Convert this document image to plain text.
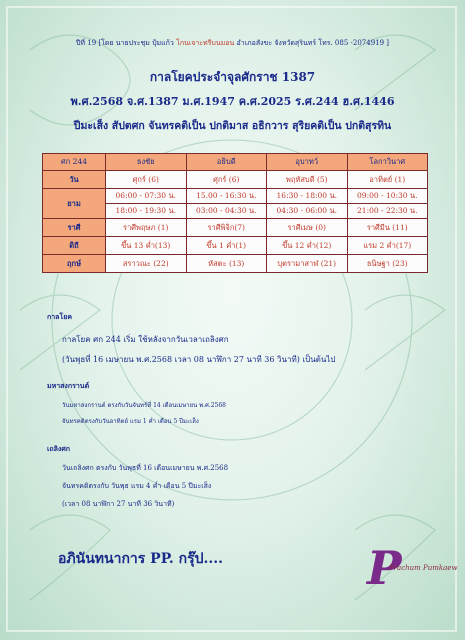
ปีที่ 19 [โดย นายประชุม ปุ้มแก้ว โกนเจาะทรีบนมอน อำเภอสังขะ จังหวัดสุรินทร์ โทร. 085 -2074919 ]
กาลโยคประจำจุลศักราช 1387
พ.ศ.2568 จ.ศ.1387 ม.ศ.1947 ค.ศ.2025 ร.ศ.244 ฮ.ศ.1446
ปีมะเส็ง สัปตศก จันทรคติเป็น ปกติมาส อธิกวาร สุริยคติเป็น ปกติสุรทิน
ศก 244	ธงชัย	อธิบดี	อุบาทว์	โลกาวินาศ
วัน	ศุกร์ (6)	ศุกร์ (6)	พฤหัสบดี (5)	อาทิตย์ (1)
ยาม	06:00 - 07:30 น.	15.00 - 16:30 น.	16:30 - 18:00 น.	09:00 - 10:30 น.
	18:00 - 19:30 น.	03:00 - 04:30 น.	04:30 - 06:00 น.	21:00 - 22:30 น.
ราศี	ราศีพฤษภ (1)	ราศีพิจิก(7)	ราศีเมษ (0)	ราศีมีน (11)
ดิถี	ขึ้น 13 ค่ำ(13)	ขึ้น 1 ค่ำ(1)	ขึ้น 12 ค่ำ(12)	แรม 2 ค่ำ(17)
ฤกษ์	สราวณะ (22)	หัสตะ (13)	บุตรามาสาฬ (21)	ธนิษฐา (23)
กาลโยค
กาลโยค ศก 244 เริ่ม ใช้หลังจากวันเวลาเถลิงศก
(วันพุธที่ 16 เมษายน พ.ศ.2568 เวลา 08 นาฬิกา 27 นาที 36 วินาที) เป็นต้นไป
มหาสงกรานต์
วันมหาสงกรานต์ ตรงกับวันจันทร์ที่ 14 เดือนเมษายน พ.ศ.2568
จันทรคติตรงกับวันอาทิตย์ แรม 1 ค่ำ เดือน 5 ปีมะเส็ง
เถลิงศก
วันเถลิงศก ตรงกับ วันพุธที่ 16 เดือนเมษายน พ.ศ.2568
จันทรคติตรงกับ วันพุธ แรม 4 ค่ำ เดือน 5 ปีมะเส็ง
(เวลา 08 นาฬิกา 27 นาที 36 วินาที)
อภินันทนาการ PP. กรุ๊ป....	P
Prachum Pumkaew
